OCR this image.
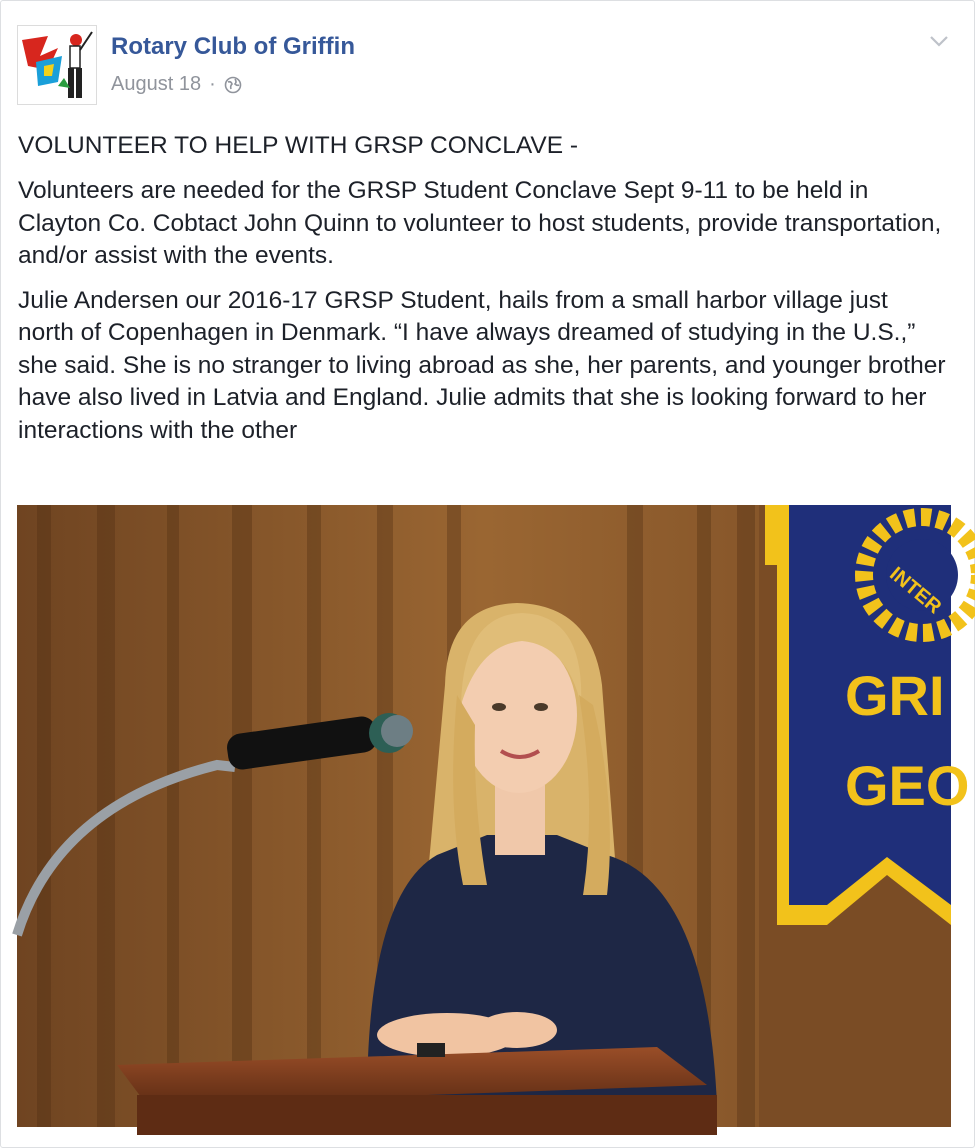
Rotary Club of Griffin
August 18 ·

VOLUNTEER TO HELP WITH GRSP CONCLAVE -

Volunteers are needed for the GRSP Student Conclave Sept 9-11 to be held in Clayton Co. Cobtact John Quinn to volunteer to host students, provide transportation, and/or assist with the events.

Julie Andersen our 2016-17 GRSP Student, hails from a small harbor village just north of Copenhagen in Denmark. “I have always dreamed of studying in the U.S.,” she said. She is no stranger to living abroad as she, her parents, and younger brother have also lived in Latvia and England. Julie admits that she is looking forward to her interactions with the other

INTER
GRI
GEO
